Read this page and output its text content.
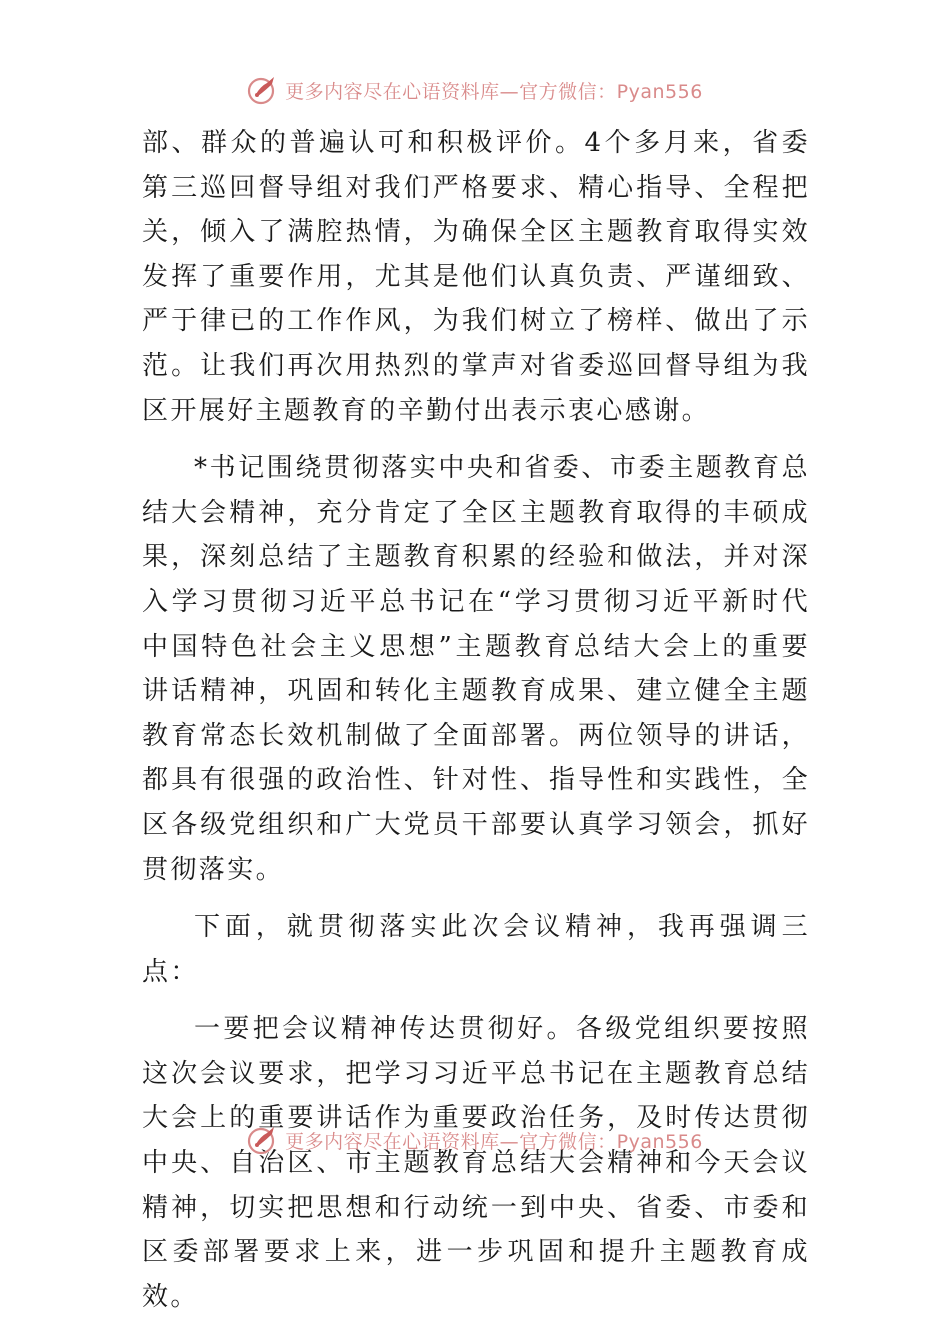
更多内容尽在心语资料库—官方微信：Pyan556

部、群众的普遍认可和积极评价。4个多月来，省委第三巡回督导组对我们严格要求、精心指导、全程把关，倾入了满腔热情，为确保全区主题教育取得实效发挥了重要作用，尤其是他们认真负责、严谨细致、严于律已的工作作风，为我们树立了榜样、做出了示范。让我们再次用热烈的掌声对省委巡回督导组为我区开展好主题教育的辛勤付出表示衷心感谢。

*书记围绕贯彻落实中央和省委、市委主题教育总结大会精神，充分肯定了全区主题教育取得的丰硕成果，深刻总结了主题教育积累的经验和做法，并对深入学习贯彻习近平总书记在“学习贯彻习近平新时代中国特色社会主义思想”主题教育总结大会上的重要讲话精神，巩固和转化主题教育成果、建立健全主题教育常态长效机制做了全面部署。两位领导的讲话，都具有很强的政治性、针对性、指导性和实践性，全区各级党组织和广大党员干部要认真学习领会，抓好贯彻落实。

下面，就贯彻落实此次会议精神，我再强调三点：

一要把会议精神传达贯彻好。各级党组织要按照这次会议要求，把学习习近平总书记在主题教育总结大会上的重要讲话作为重要政治任务，及时传达贯彻中央、自治区、市主题教育总结大会精神和今天会议精神，切实把思想和行动统一到中央、省委、市委和区委部署要求上来，进一步巩固和提升主题教育成效。

更多内容尽在心语资料库—官方微信：Pyan556
